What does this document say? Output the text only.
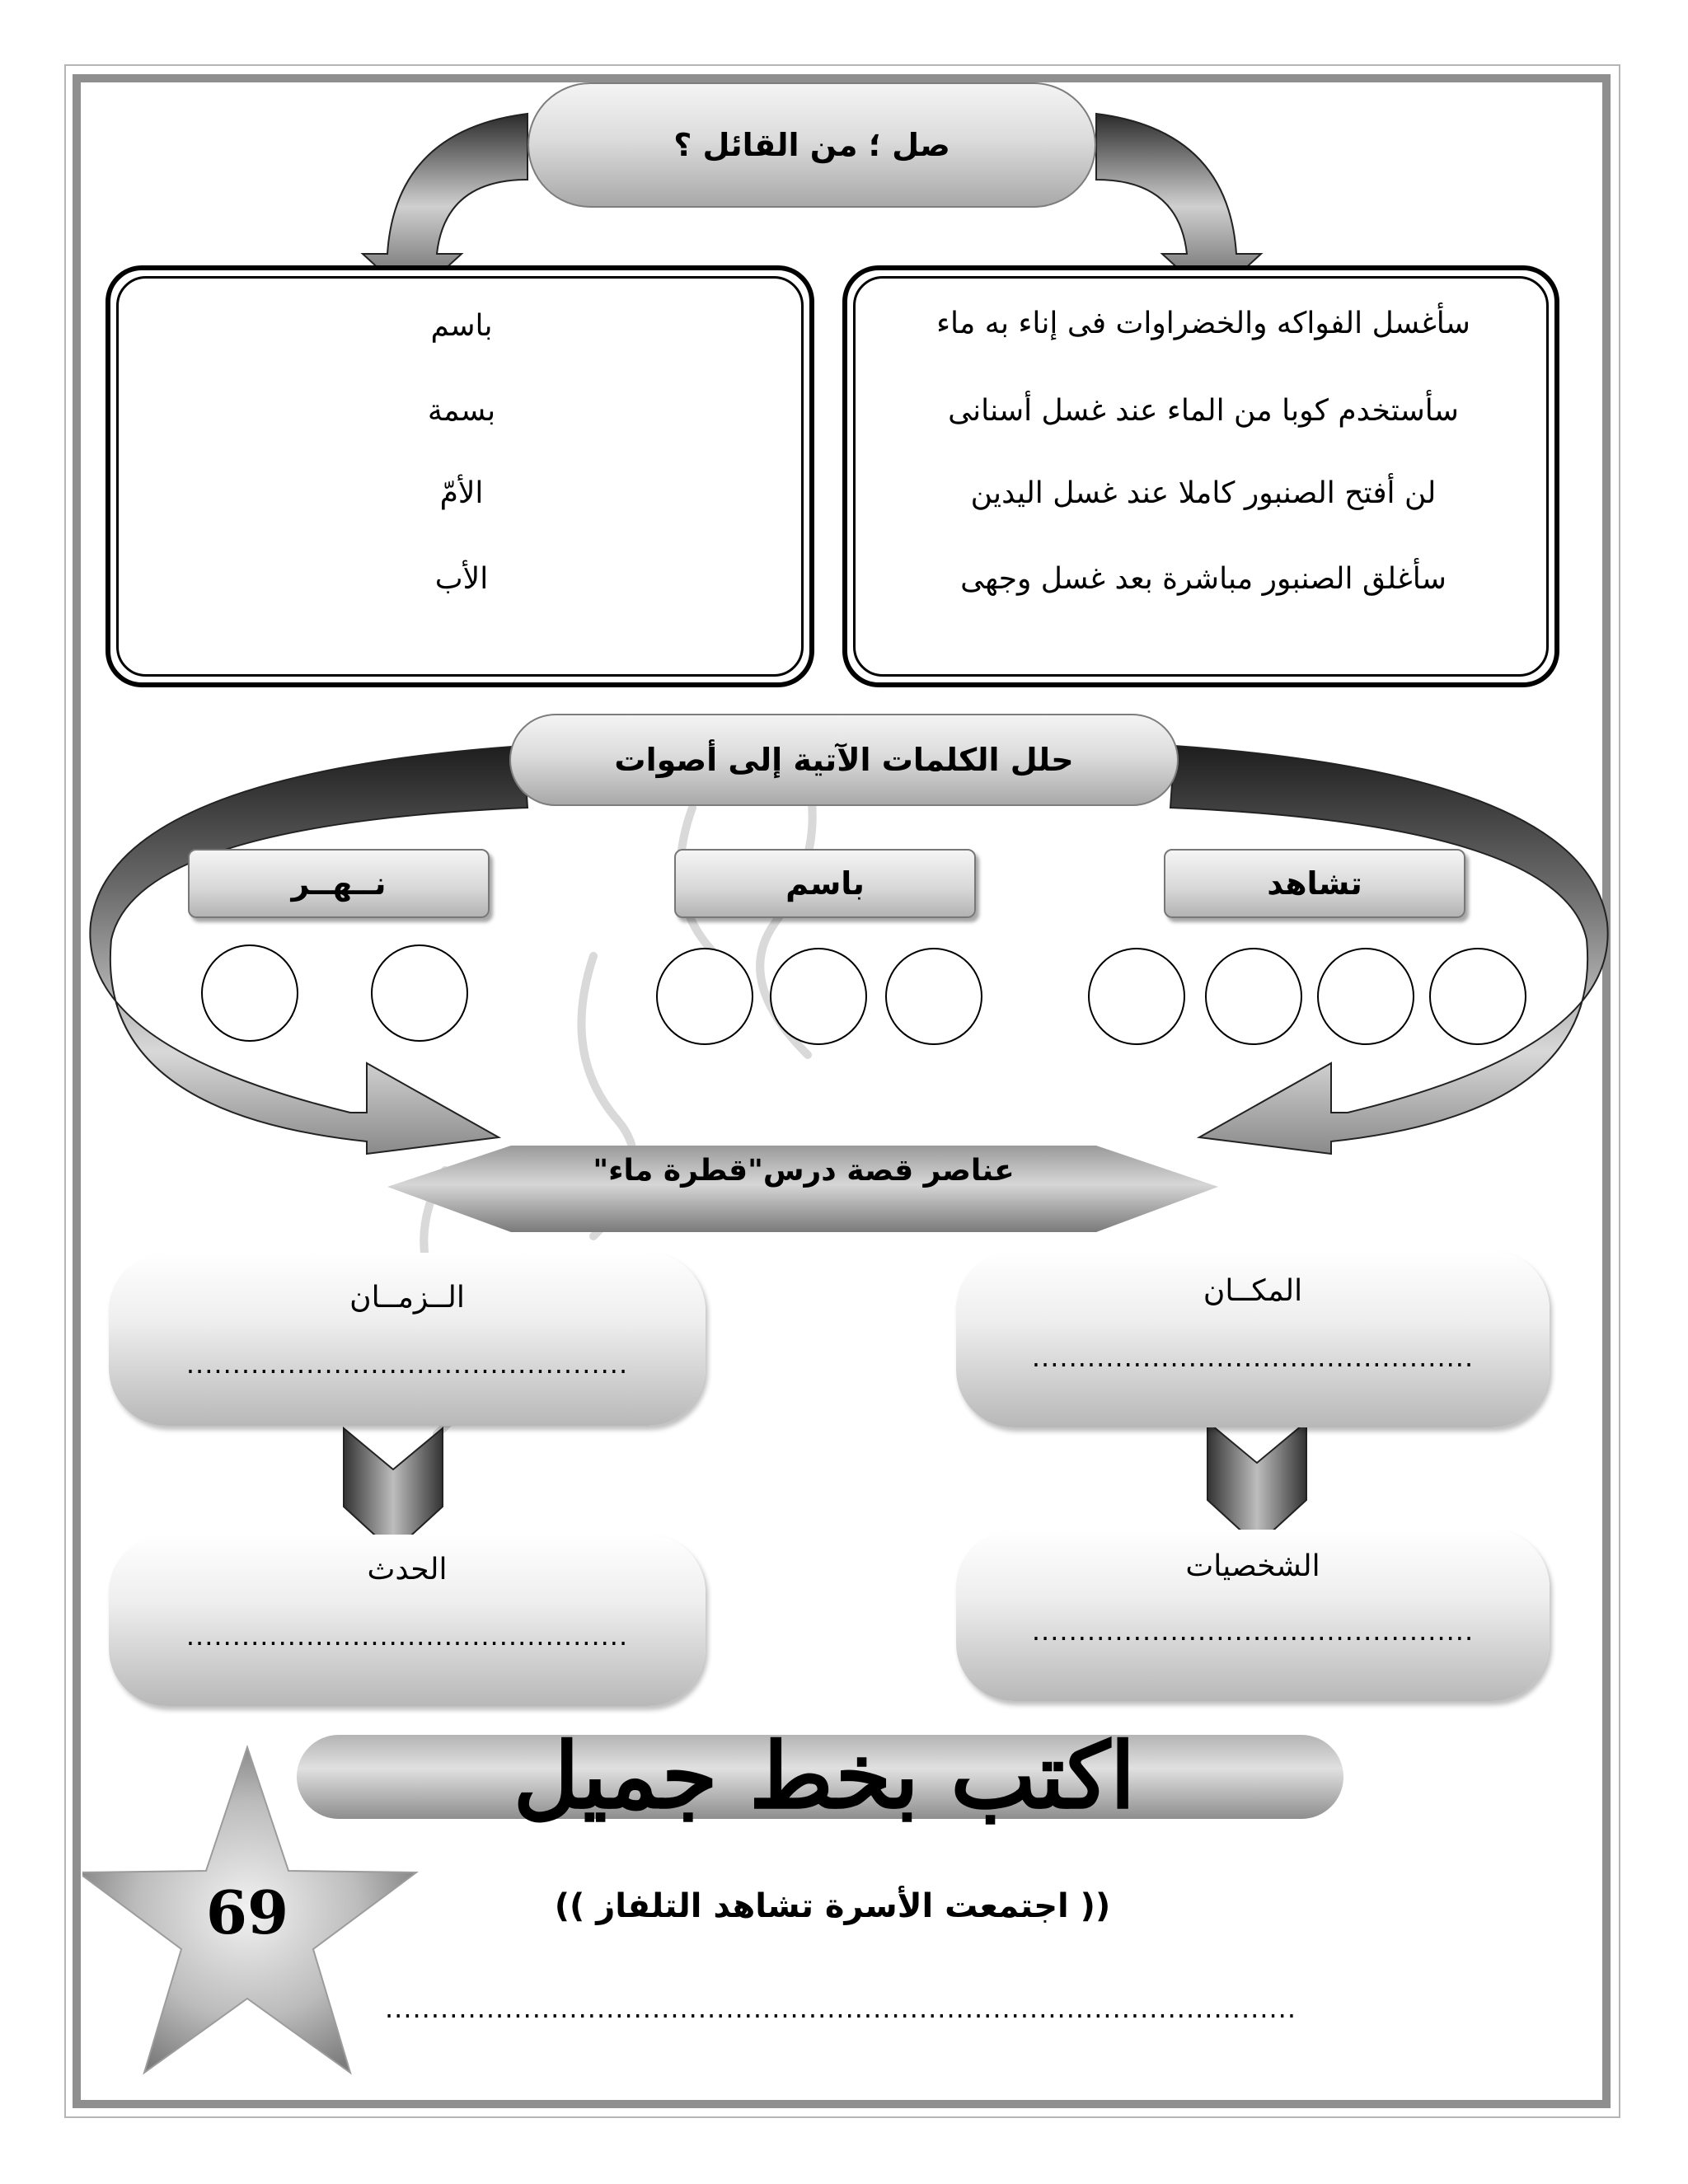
صل ؛ من القائل ؟
سأغسل الفواكه والخضراوات فى إناء به ماء
سأستخدم كوبا من الماء عند غسل أسنانى
لن أفتح الصنبور كاملا عند غسل اليدين
سأغلق الصنبور مباشرة بعد غسل وجهى
باسم
بسمة
الأمّ
الأب
حلل الكلمات الآتية إلى أصوات
تشاهد
باسم
نــهــر
عناصر قصة درس"قطرة ماء"
المكــان
................................................
الــزمــان
................................................
الشخصيات
................................................
الحدث
................................................
اكتب بخط جميل
69	(( اجتمعت الأسرة تشاهد التلفاز ))
...................................................................................................
